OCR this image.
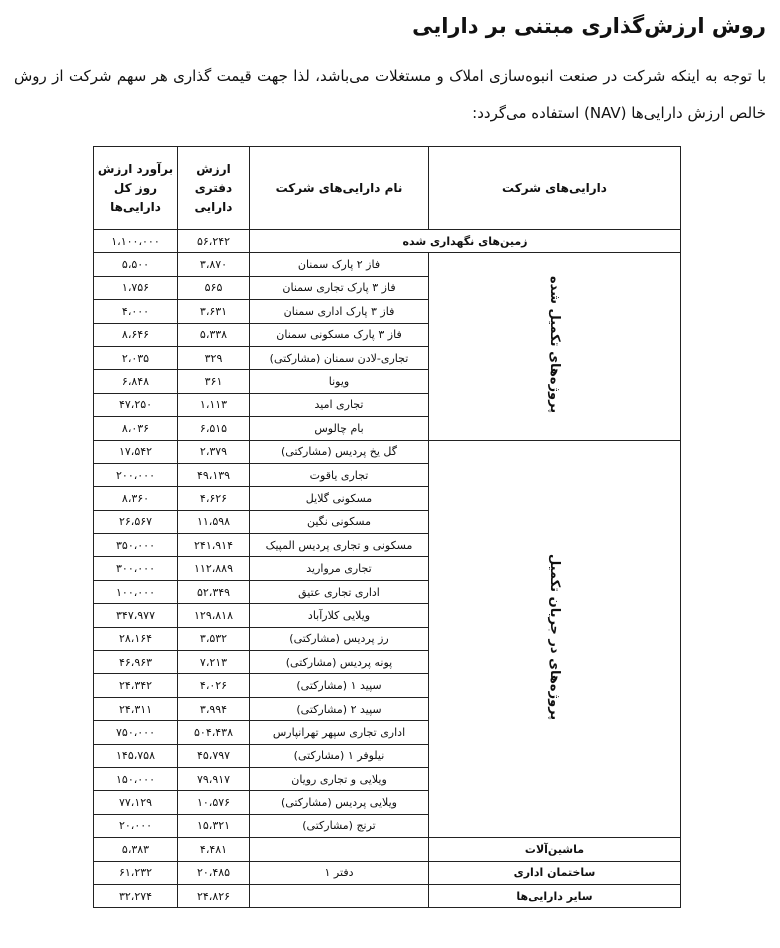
روش ارزش‌گذاری مبتنی بر دارایی
با توجه به اینکه شرکت در صنعت انبوه‌سازی املاک و مستغلات می‌باشد، لذا جهت قیمت گذاری هر سهم شرکت از روش خالص ارزش دارایی‌ها (NAV) استفاده می‌گردد:
دارایی‌های شرکت	نام دارایی‌های شرکت	ارزش دفتری دارایی	برآورد ارزش روز کل دارایی‌ها
زمین‌های نگهداری شده		۵۶،۲۴۲	۱،۱۰۰،۰۰۰
پروژه‌های تکمیل شده	فاز ۲ پارک سمنان	۳،۸۷۰	۵،۵۰۰
	فاز ۳ پارک تجاری سمنان	۵۶۵	۱،۷۵۶
	فاز ۳ پارک اداری سمنان	۳،۶۳۱	۴،۰۰۰
	فاز ۳ پارک مسکونی سمنان	۵،۳۳۸	۸،۶۴۶
	تجاری-لادن سمنان (مشارکتی)	۳۲۹	۲،۰۳۵
	ویونا	۳۶۱	۶،۸۴۸
	تجاری امید	۱،۱۱۳	۴۷،۲۵۰
	بام چالوس	۶،۵۱۵	۸،۰۳۶
پروژه‌های در جریان تکمیل	گل یخ پردیس (مشارکتی)	۲،۳۷۹	۱۷،۵۴۲
	تجاری یاقوت	۴۹،۱۳۹	۲۰۰،۰۰۰
	مسکونی گلایل	۴،۶۲۶	۸،۳۶۰
	مسکونی نگین	۱۱،۵۹۸	۲۶،۵۶۷
	مسکونی و تجاری پردیس المپیک	۲۴۱،۹۱۴	۳۵۰،۰۰۰
	تجاری مروارید	۱۱۲،۸۸۹	۳۰۰،۰۰۰
	اداری تجاری عتیق	۵۲،۳۴۹	۱۰۰،۰۰۰
	ویلایی کلارآباد	۱۲۹،۸۱۸	۳۴۷،۹۷۷
	رز پردیس (مشارکتی)	۳،۵۳۲	۲۸،۱۶۴
	پونه پردیس (مشارکتی)	۷،۲۱۳	۴۶،۹۶۳
	سپید ۱ (مشارکتی)	۴،۰۲۶	۲۴،۳۴۲
	سپید ۲ (مشارکتی)	۳،۹۹۴	۲۴،۳۱۱
	اداری تجاری سپهر تهرانپارس	۵۰۴،۴۳۸	۷۵۰،۰۰۰
	نیلوفر ۱ (مشارکتی)	۴۵،۷۹۷	۱۴۵،۷۵۸
	ویلایی و تجاری رویان	۷۹،۹۱۷	۱۵۰،۰۰۰
	ویلایی پردیس (مشارکتی)	۱۰،۵۷۶	۷۷،۱۲۹
	ترنج (مشارکتی)	۱۵،۳۲۱	۲۰،۰۰۰
ماشین‌آلات		۴،۴۸۱	۵،۳۸۳
ساختمان اداری	دفتر ۱	۲۰،۴۸۵	۶۱،۲۳۲
سایر دارایی‌ها		۲۴،۸۲۶	۳۲،۲۷۴
